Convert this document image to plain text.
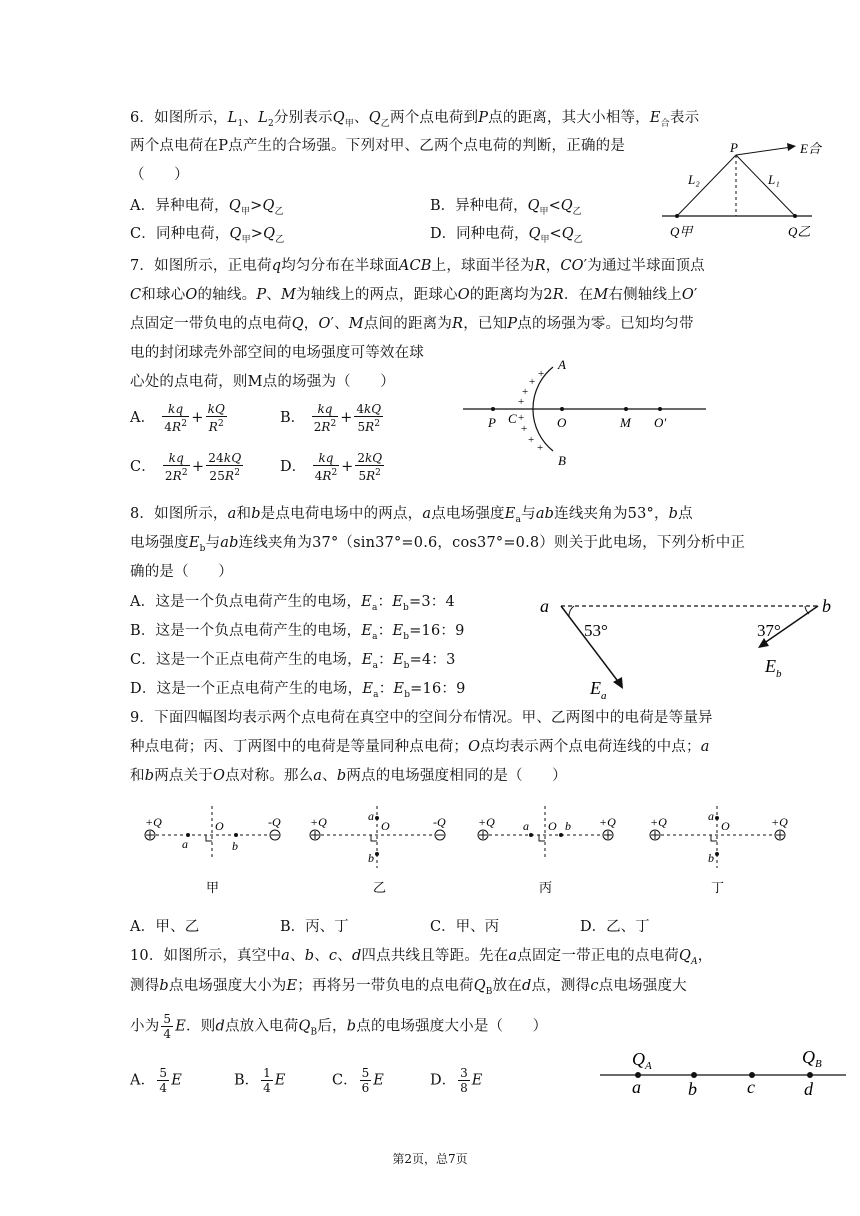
6．如图所示，$L_1$、$L_2$分别表示$Q_甲$、$Q_乙$两个点电荷到P点的距离，其大小相等，$E_合$表示
两个点电荷在P点产生的合场强。下列对甲、乙两个点电荷的判断，正确的是
（　　）
A．异种电荷，$Q_甲>Q_乙$	B．异种电荷，$Q_甲<Q_乙$
C．同种电荷，$Q_甲>Q_乙$	D．同种电荷，$Q_甲<Q_乙$
P	E合
L₂	L₁
Q甲	Q乙
7．如图所示，正电荷q均匀分布在半球面ACB上，球面半径为R，CO′为通过半球面顶点
C和球心O的轴线。P、M为轴线上的两点，距球心O的距离均为2R．在M右侧轴线上O′
点固定一带负电的点电荷Q，O′、M点间的距离为R，已知P点的场强为零。已知均匀带
电的封闭球壳外部空间的电场强度可等效在球
心处的点电荷，则M点的场强为（　　）
A． $\frac{kq}{4R^2} + \frac{kQ}{R^2}$	B． $\frac{kq}{2R^2} + \frac{4kQ}{5R^2}$
C． $\frac{kq}{2R^2} + \frac{24kQ}{25R^2}$	D． $\frac{kq}{4R^2} + \frac{2kQ}{5R^2}$
+
+
+
+
+
+
+
+
A
B
C
P	O	M O′
8．如图所示，a和b是点电荷电场中的两点，a点电场强度$E_a$与ab连线夹角为53°，b点
电场强度$E_b$与ab连线夹角为37°（sin37°=0.6，cos37°=0.8）则关于此电场，下列分析中正
确的是（　　）
A．这是一个负点电荷产生的电场，$E_a$：$E_b=3$：4
B．这是一个负点电荷产生的电场，$E_a$：$E_b=16$：9
C．这是一个正点电荷产生的电场，$E_a$：$E_b=4$：3
D．这是一个正点电荷产生的电场，$E_a$：$E_b=16$：9
a	b
53°	37°
$E_a$
$E_b$
9．下面四幅图均表示两个点电荷在真空中的空间分布情况。甲、乙两图中的电荷是等量异
种点电荷；丙、丁两图中的电荷是等量同种点电荷；O点均表示两个点电荷连线的中点；a
和b两点关于O点对称。那么a、b两点的电场强度相同的是（　　）
+Q	-Q
O
a	b
甲
+Q	-Q
O
a
b
乙
+Q	+Q
O
a	b
丙
+Q	+Q
O
a
b
丁
A．甲、乙	B．丙、丁	C．甲、丙	D．乙、丁
10．如图所示，真空中a、b、c、d四点共线且等距。先在a点固定一带正电的点电荷$Q_A$，
测得b点电场强度大小为E；再将另一带负电的点电荷$Q_B$放在d点，测得c点电场强度大
小为 $\frac{5}{4}$ E．则d点放入电荷$Q_B$后，b点的电场强度大小是（　　）
A． $\frac{5}{4}$ E	B． $\frac{1}{4}$ E	C． $\frac{5}{6}$ E	D． $\frac{3}{8}$ E
$Q_A$	$Q_B$
a	b	c	d
第2页，总7页
